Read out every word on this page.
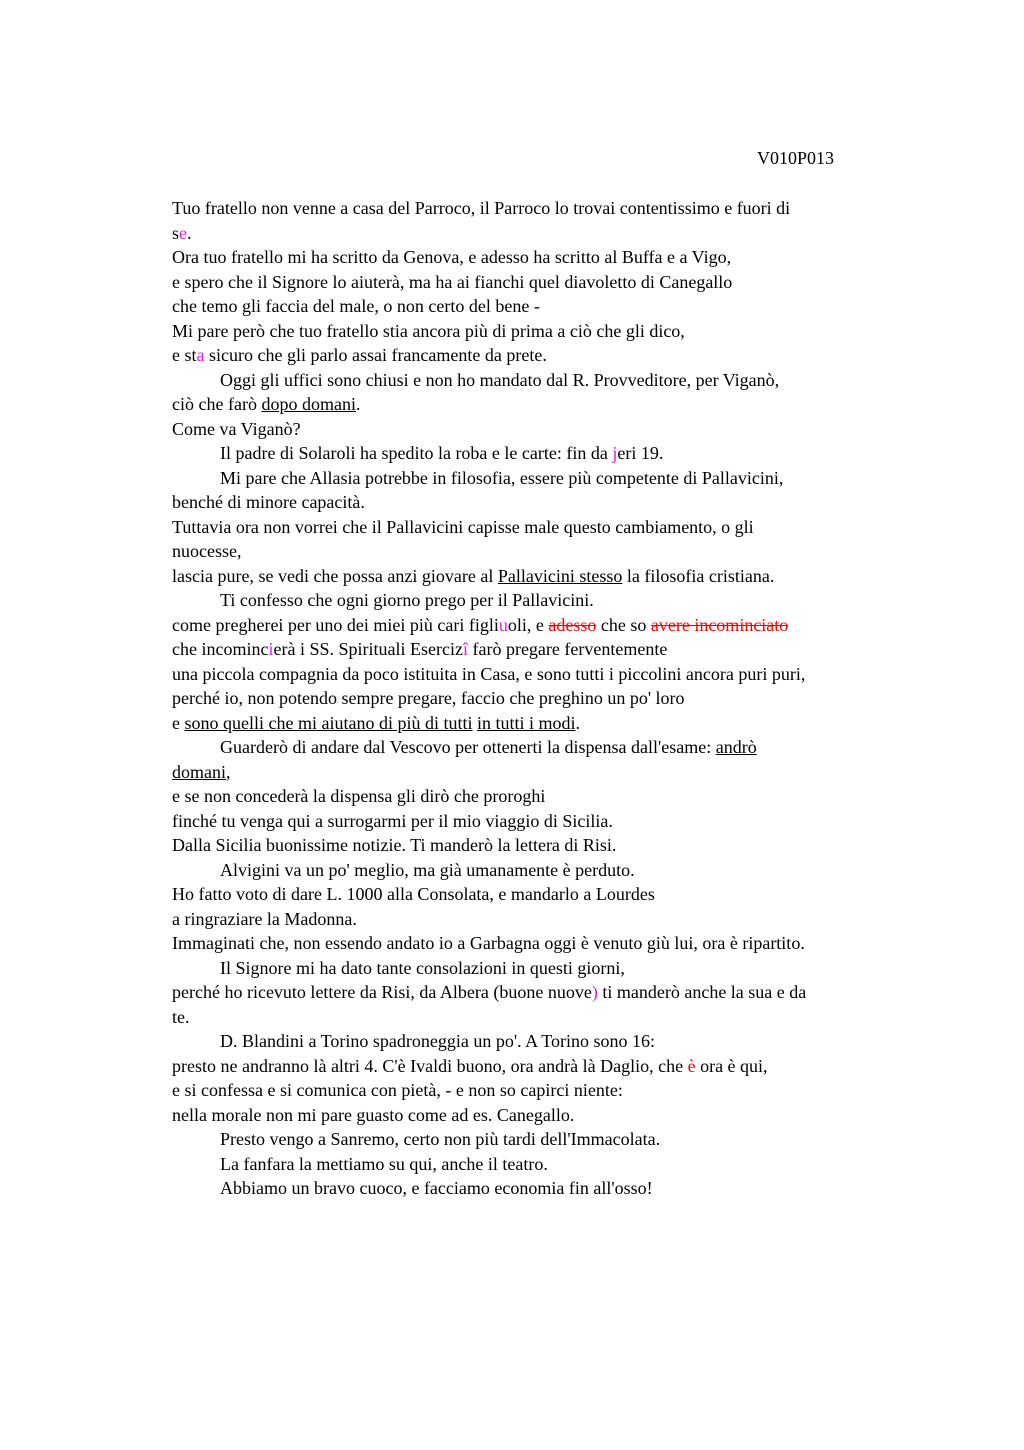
V010P013
Tuo fratello non venne a casa del Parroco, il Parroco lo trovai contentissimo e fuori di
se.
Ora tuo fratello mi ha scritto da Genova, e adesso ha scritto al Buffa e a Vigo,
e spero che il Signore lo aiuterà, ma ha ai fianchi quel diavoletto di Canegallo
che temo gli faccia del male, o non certo del bene -
Mi pare però che tuo fratello stia ancora più di prima a ciò che gli dico,
e sta sicuro che gli parlo assai francamente da prete.
Oggi gli uffici sono chiusi e non ho mandato dal R. Provveditore, per Viganò,
ciò che farò dopo domani.
Come va Viganò?
Il padre di Solaroli ha spedito la roba e le carte: fin da jeri 19.
Mi pare che Allasia potrebbe in filosofia, essere più competente di Pallavicini,
benché di minore capacità.
Tuttavia ora non vorrei che il Pallavicini capisse male questo cambiamento, o gli
nuocesse,
lascia pure, se vedi che possa anzi giovare al Pallavicini stesso la filosofia cristiana.
Ti confesso che ogni giorno prego per il Pallavicini.
come pregherei per uno dei miei più cari figliuoli, e adesso che so avere incominciato
che incomincierà i SS. Spirituali Esercizî farò pregare ferventemente
una piccola compagnia da poco istituita in Casa, e sono tutti i piccolini ancora puri puri,
perché io, non potendo sempre pregare, faccio che preghino un po' loro
e sono quelli che mi aiutano di più di tutti in tutti i modi.
Guarderò di andare dal Vescovo per ottenerti la dispensa dall'esame: andrò
domani,
e se non concederà la dispensa gli dirò che proroghi
finché tu venga qui a surrogarmi per il mio viaggio di Sicilia.
Dalla Sicilia buonissime notizie. Ti manderò la lettera di Risi.
Alvigini va un po' meglio, ma già umanamente è perduto.
Ho fatto voto di dare L. 1000 alla Consolata, e mandarlo a Lourdes
a ringraziare la Madonna.
Immaginati che, non essendo andato io a Garbagna oggi è venuto giù lui, ora è ripartito.
Il Signore mi ha dato tante consolazioni in questi giorni,
perché ho ricevuto lettere da Risi, da Albera (buone nuove) ti manderò anche la sua e da
te.
D. Blandini a Torino spadroneggia un po'. A Torino sono 16:
presto ne andranno là altri 4. C'è Ivaldi buono, ora andrà là Daglio, che è ora è qui,
e si confessa e si comunica con pietà, - e non so capirci niente:
nella morale non mi pare guasto come ad es. Canegallo.
Presto vengo a Sanremo, certo non più tardi dell'Immacolata.
La fanfara la mettiamo su qui, anche il teatro.
Abbiamo un bravo cuoco, e facciamo economia fin all'osso!
